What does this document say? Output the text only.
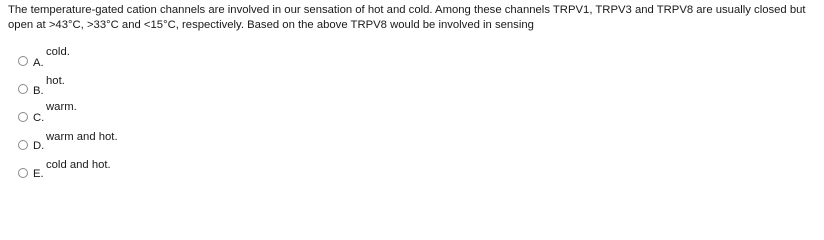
The temperature-gated cation channels are involved in our sensation of hot and cold. Among these channels TRPV1, TRPV3 and TRPV8 are usually closed but open at >43°C, >33°C and <15°C, respectively. Based on the above TRPV8 would be involved in sensing

A.
cold.
B.
hot.
C.
warm.
D.
warm and hot.
E.
cold and hot.
